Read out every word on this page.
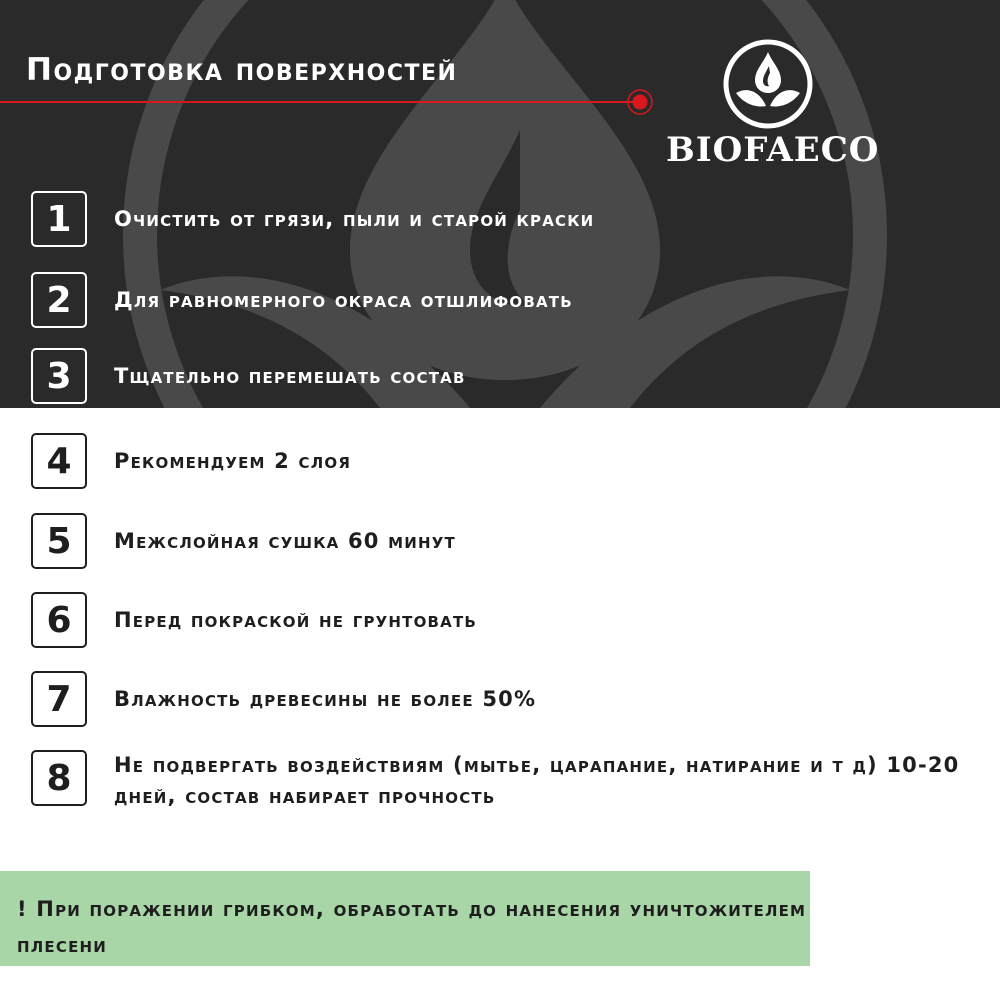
Подготовка поверхностей
BIOFAECO
1	Очистить от грязи, пыли и старой краски
2	Для равномерного окраса отшлифовать
3	Тщательно перемешать состав
4	Рекомендуем 2 слоя
5	Межслойная сушка 60 минут
6	Перед покраской не грунтовать
7	Влажность древесины не более 50%
8	Не подвергать воздействиям (мытье, царапание, натирание и т д) 10-20 дней, состав набирает прочность
! При поражении грибком, обработать до нанесения уничтожителем плесени
